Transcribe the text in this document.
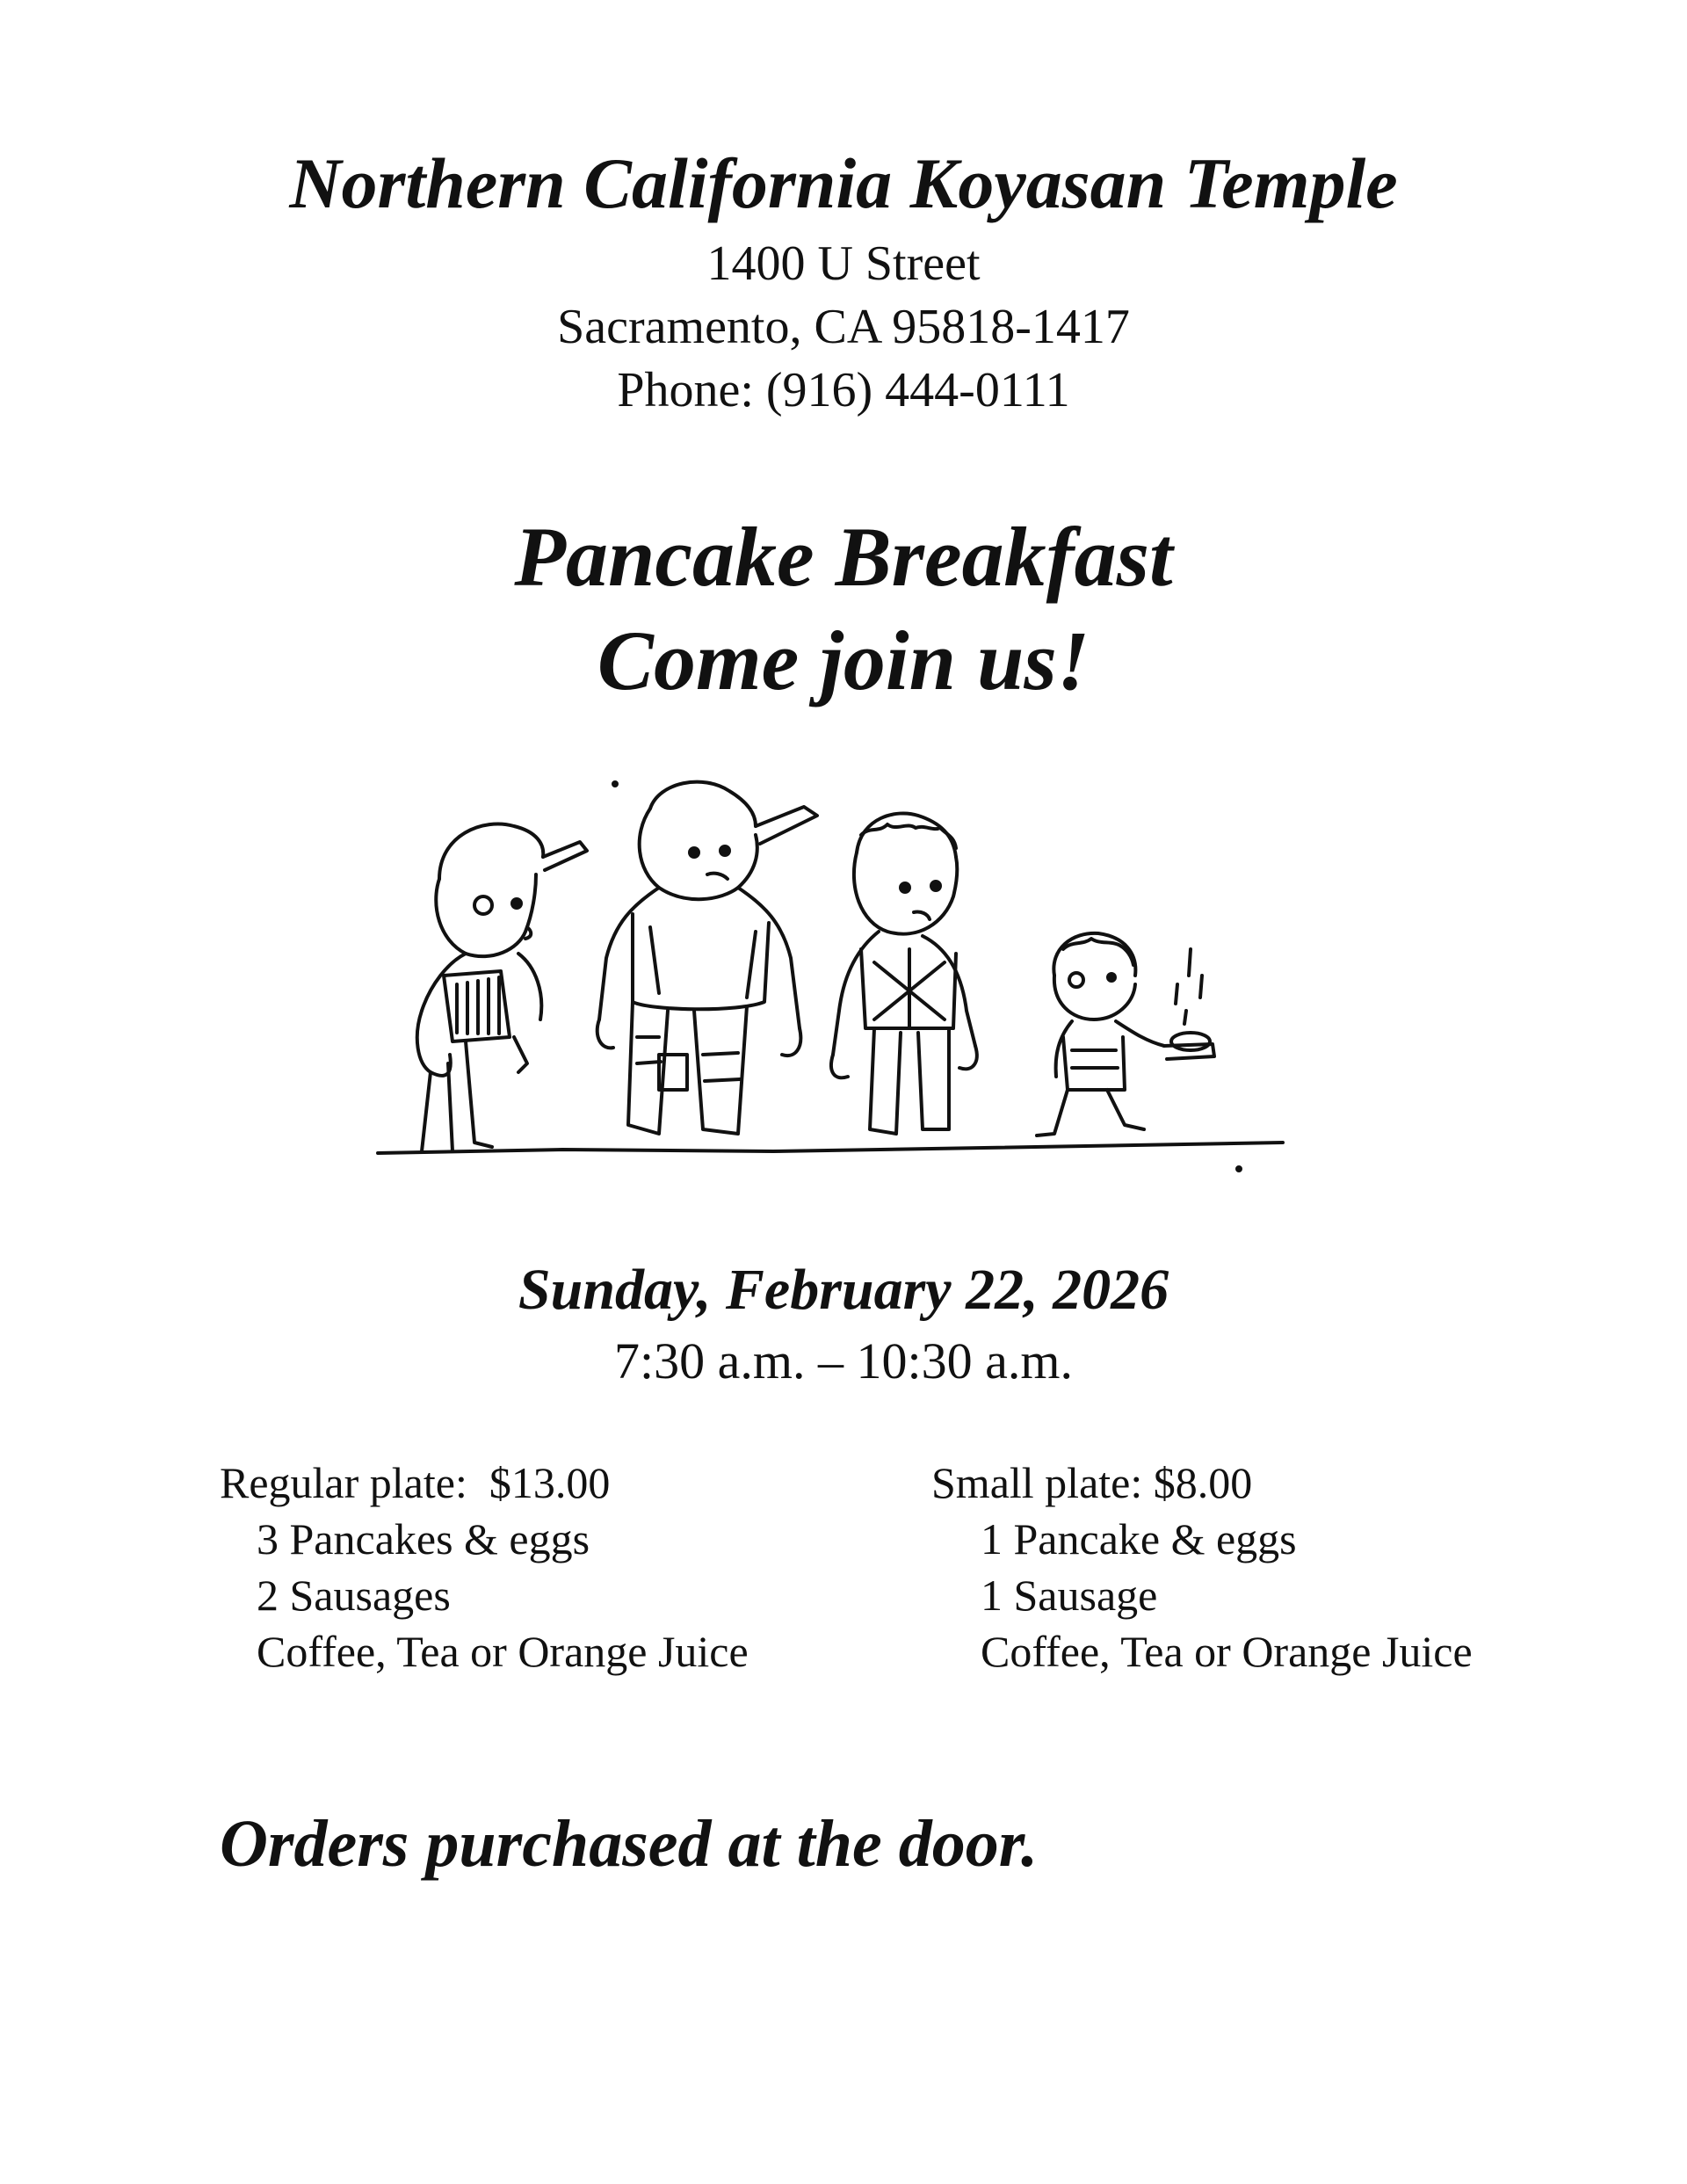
Northern California Koyasan Temple
1400 U Street
Sacramento, CA 95818-1417
Phone: (916) 444-0111
Pancake Breakfast
Come join us!
Sunday, February 22, 2026
7:30 a.m. – 10:30 a.m.
Regular plate:  $13.00
3 Pancakes & eggs
2 Sausages
Coffee, Tea or Orange Juice
Small plate: $8.00
1 Pancake & eggs
1 Sausage
Coffee, Tea or Orange Juice
Orders purchased at the door.
